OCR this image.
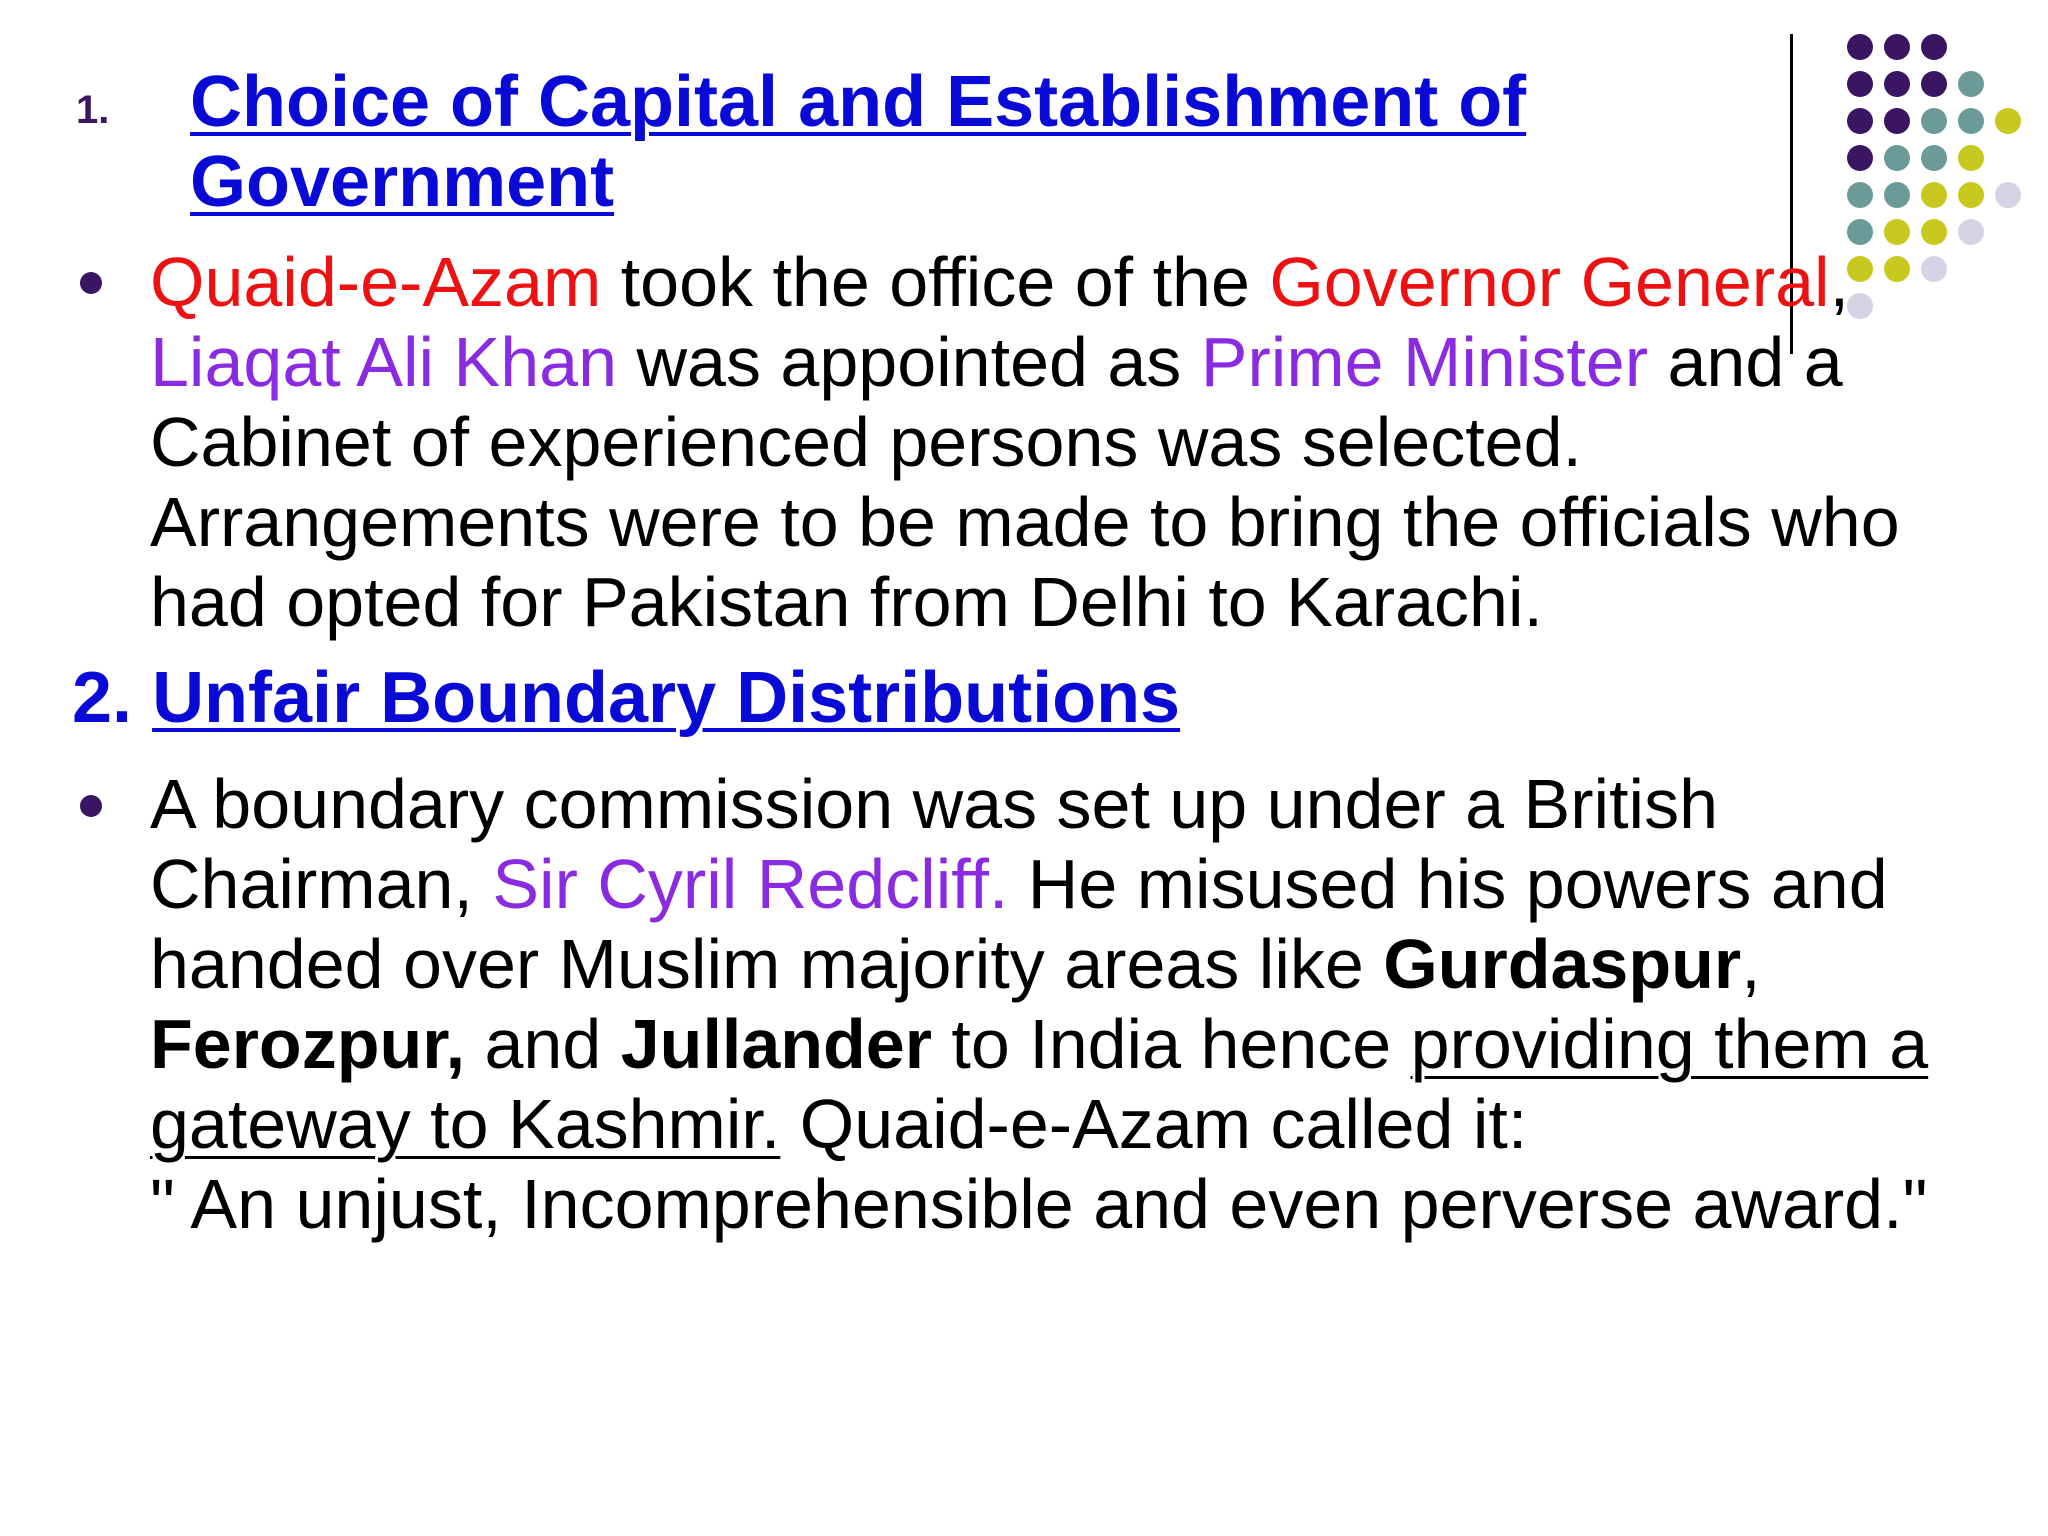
1. Choice of Capital and Establishment of Government
Quaid-e-Azam took the office of the Governor General, Liaqat Ali Khan was appointed as Prime Minister and a Cabinet of experienced persons was selected. Arrangements were to be made to bring the officials who had opted for Pakistan from Delhi to Karachi.
2. Unfair Boundary Distributions
A boundary commission was set up under a British Chairman, Sir Cyril Redcliff. He misused his powers and handed over Muslim majority areas like Gurdaspur, Ferozpur, and Jullander to India hence providing them a gateway to Kashmir. Quaid-e-Azam called it:
" An unjust, Incomprehensible and even perverse award."
